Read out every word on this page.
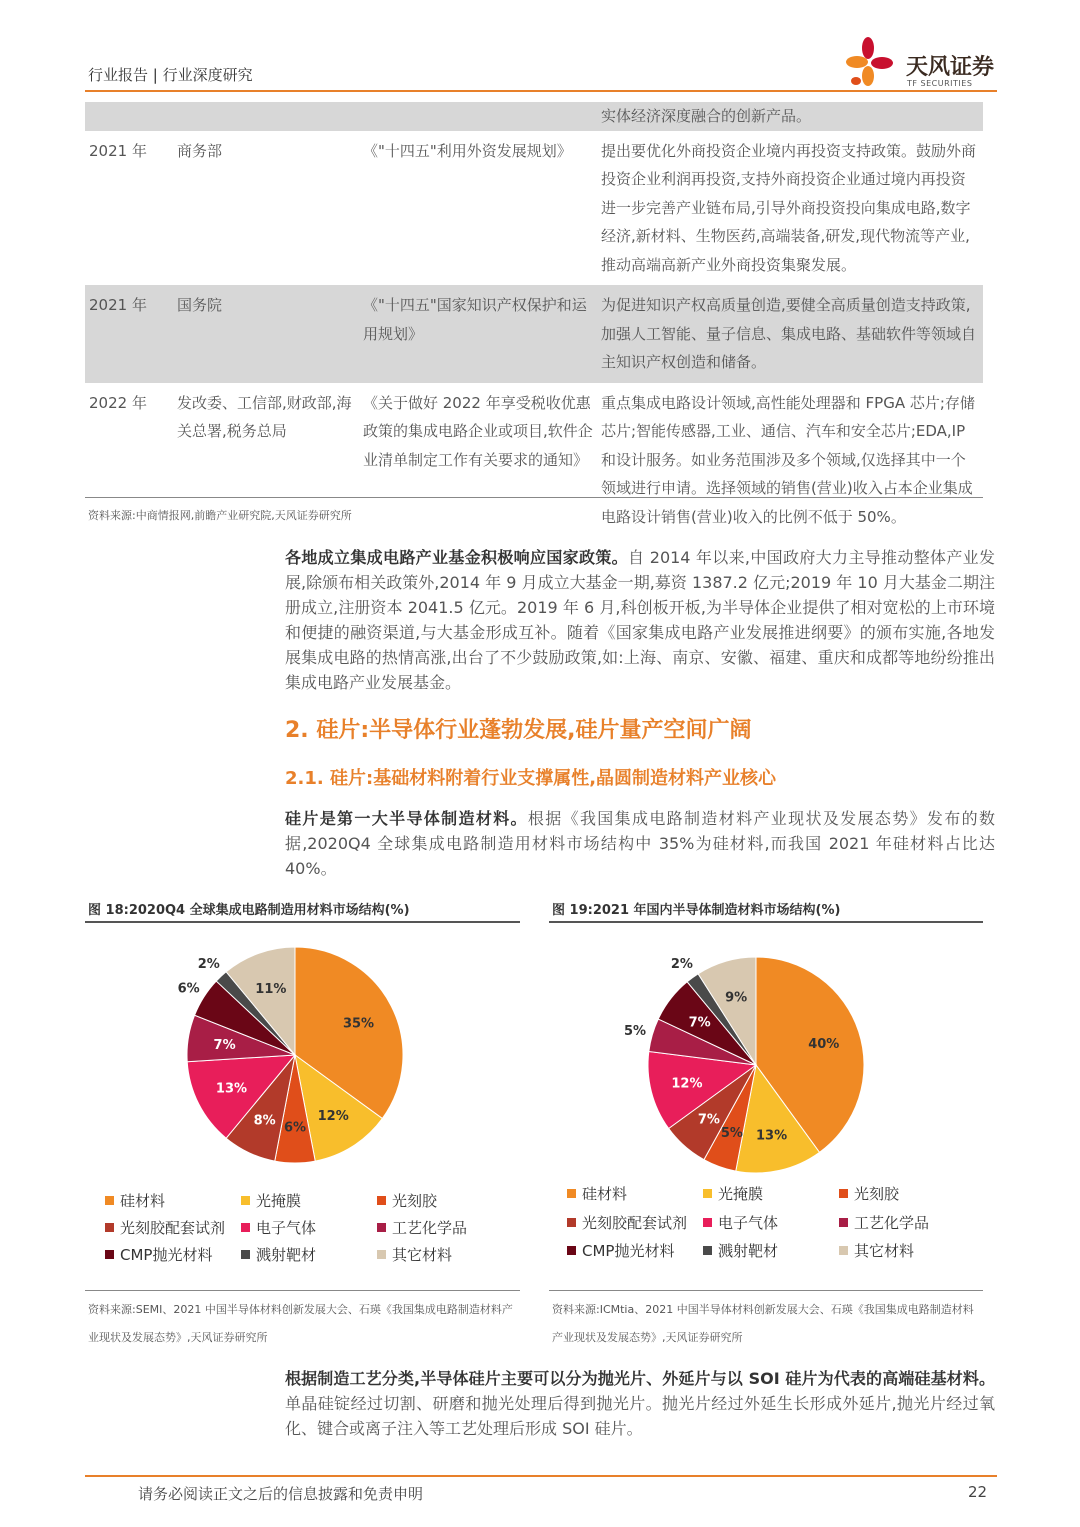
行业报告 | 行业深度研究	天风证券
TF SECURITIES
			实体经济深度融合的创新产品。
2021 年	商务部	《"十四五"利用外资发展规划》	提出要优化外商投资企业境内再投资支持政策。鼓励外商投资企业利润再投资,支持外商投资企业通过境内再投资进一步完善产业链布局,引导外商投资投向集成电路,数字经济,新材料、生物医药,高端装备,研发,现代物流等产业,推动高端高新产业外商投资集聚发展。
2021 年	国务院	《"十四五"国家知识产权保护和运用规划》	为促进知识产权高质量创造,要健全高质量创造支持政策,加强人工智能、量子信息、集成电路、基础软件等领域自主知识产权创造和储备。
2022 年	发改委、工信部,财政部,海关总署,税务总局	《关于做好 2022 年享受税收优惠政策的集成电路企业或项目,软件企业清单制定工作有关要求的通知》	重点集成电路设计领域,高性能处理器和 FPGA 芯片;存储芯片;智能传感器,工业、通信、汽车和安全芯片;EDA,IP 和设计服务。如业务范围涉及多个领域,仅选择其中一个领域进行申请。选择领域的销售(营业)收入占本企业集成电路设计销售(营业)收入的比例不低于 50%。
资料来源:中商情报网,前瞻产业研究院,天风证券研究所
各地成立集成电路产业基金积极响应国家政策。自 2014 年以来,中国政府大力主导推动整体产业发展,除颁布相关政策外,2014 年 9 月成立大基金一期,募资 1387.2 亿元;2019 年 10 月大基金二期注册成立,注册资本 2041.5 亿元。2019 年 6 月,科创板开板,为半导体企业提供了相对宽松的上市环境和便捷的融资渠道,与大基金形成互补。随着《国家集成电路产业发展推进纲要》的颁布实施,各地发展集成电路的热情高涨,出台了不少鼓励政策,如:上海、南京、安徽、福建、重庆和成都等地纷纷推出集成电路产业发展基金。
2. 硅片:半导体行业蓬勃发展,硅片量产空间广阔
2.1. 硅片:基础材料附着行业支撑属性,晶圆制造材料产业核心
硅片是第一大半导体制造材料。根据《我国集成电路制造材料产业现状及发展态势》发布的数据,2020Q4 全球集成电路制造用材料市场结构中 35%为硅材料,而我国 2021 年硅材料占比达 40%。
图 18:2020Q4 全球集成电路制造用材料市场结构(%)
35%
12%
6%
8%
13%
7%
6%
2%
11%
硅材料	光掩膜	光刻胶
光刻胶配套试剂	电子气体	工艺化学品
CMP抛光材料	溅射靶材	其它材料
资料来源:SEMI、2021 中国半导体材料创新发展大会、石瑛《我国集成电路制造材料产业现状及发展态势》,天风证券研究所
图 19:2021 年国内半导体制造材料市场结构(%)
40%
13%
5%
7%
12%
5%
7%
2%
9%
硅材料	光掩膜	光刻胶
光刻胶配套试剂	电子气体	工艺化学品
CMP抛光材料	溅射靶材	其它材料
资料来源:ICMtia、2021 中国半导体材料创新发展大会、石瑛《我国集成电路制造材料产业现状及发展态势》,天风证券研究所
根据制造工艺分类,半导体硅片主要可以分为抛光片、外延片与以 SOI 硅片为代表的高端硅基材料。单晶硅锭经过切割、研磨和抛光处理后得到抛光片。抛光片经过外延生长形成外延片,抛光片经过氧化、键合或离子注入等工艺处理后形成 SOI 硅片。
请务必阅读正文之后的信息披露和免责申明	22
